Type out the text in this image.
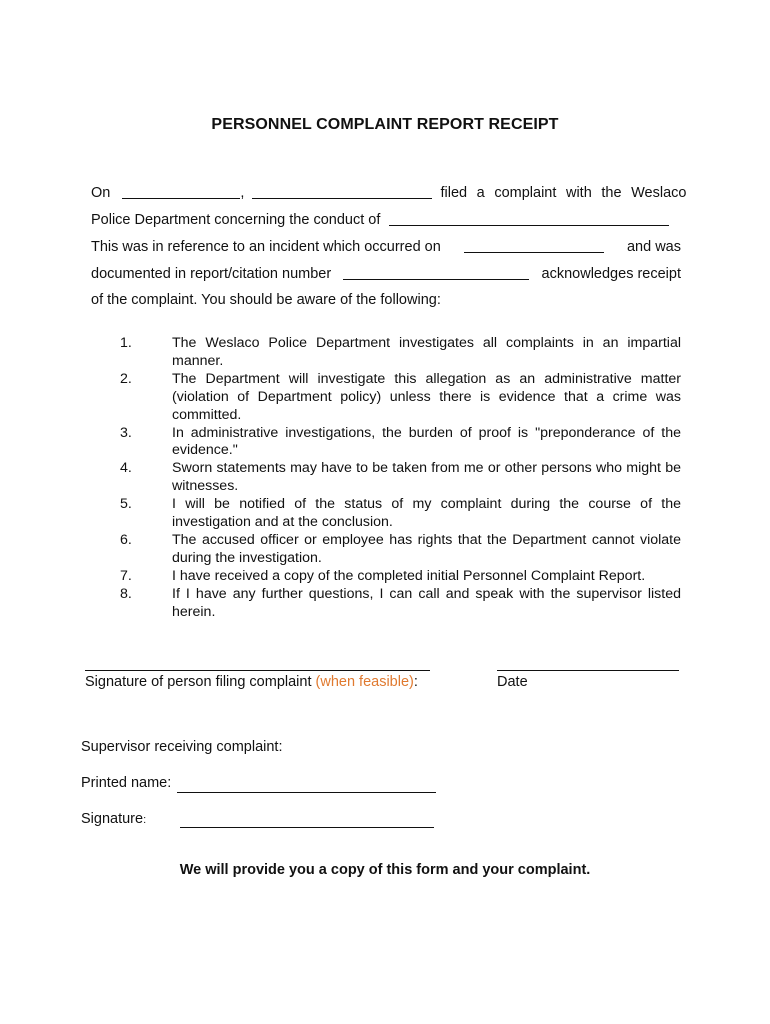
PERSONNEL COMPLAINT REPORT RECEIPT
On	,	filed a complaint with the Weslaco
Police Department concerning the conduct of
This was in reference to an incident which occurred on	and was
documented in report/citation number	acknowledges receipt
of the complaint. You should be aware of the following:
1.	The Weslaco Police Department investigates all complaints in an impartial manner.
2.	The Department will investigate this allegation as an administrative matter (violation of Department policy) unless there is evidence that a crime was committed.
3.	In administrative investigations, the burden of proof is "preponderance of the evidence."
4.	Sworn statements may have to be taken from me or other persons who might be witnesses.
5.	I will be notified of the status of my complaint during the course of the investigation and at the conclusion.
6.	The accused officer or employee has rights that the Department cannot violate during the investigation.
7.	I have received a copy of the completed initial Personnel Complaint Report.
8.	If I have any further questions, I can call and speak with the supervisor listed herein.
Signature of person filing complaint (when feasible):	Date
Supervisor receiving complaint:
Printed name:
Signature:
We will provide you a copy of this form and your complaint.
